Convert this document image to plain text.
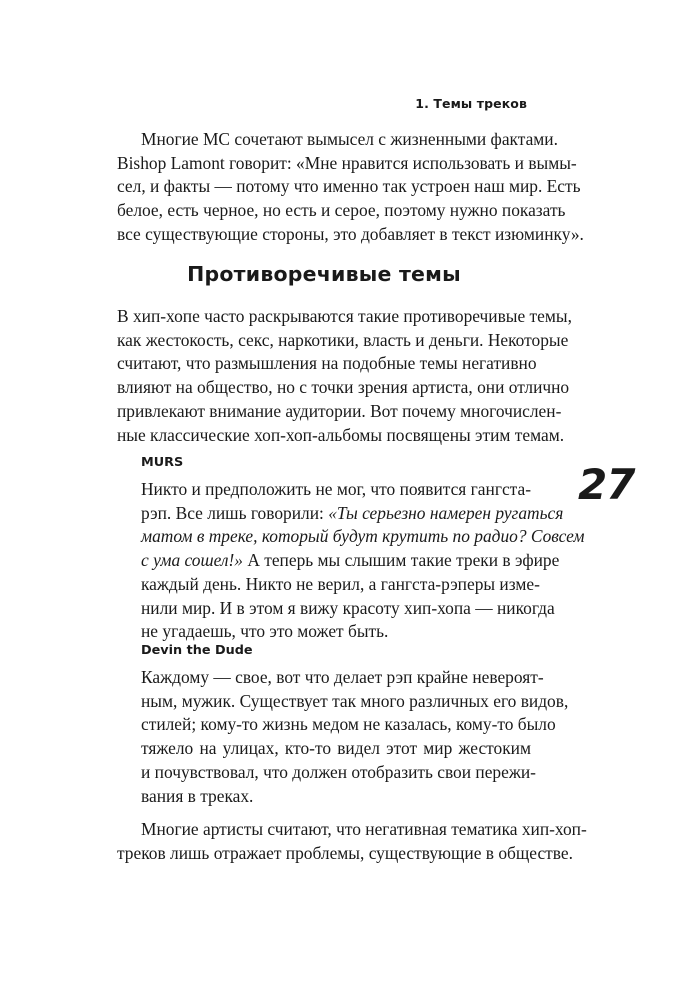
1. Темы треков
Многие MC сочетают вымысел с жизненными фактами.
Bishop Lamont говорит: «Мне нравится использовать и вымы-
сел, и факты — потому что именно так устроен наш мир. Есть
белое, есть черное, но есть и серое, поэтому нужно показать
все существующие стороны, это добавляет в текст изюминку».
Противоречивые темы
В хип-хопе часто раскрываются такие противоречивые темы,
как жестокость, секс, наркотики, власть и деньги. Некоторые
считают, что размышления на подобные темы негативно
влияют на общество, но с точки зрения артиста, они отлично
привлекают внимание аудитории. Вот почему многочислен-
ные классические хоп-хоп-альбомы посвящены этим темам.
MURS
Никто и предположить не мог, что появится гангста-
рэп. Все лишь говорили: «Ты серьезно намерен ругаться
матом в треке, который будут крутить по радио? Совсем
с ума сошел!» А теперь мы слышим такие треки в эфире
каждый день. Никто не верил, а гангста-рэперы изме-
нили мир. И в этом я вижу красоту хип-хопа — никогда
не угадаешь, что это может быть.
Devin the Dude
Каждому — свое, вот что делает рэп крайне невероят-
ным, мужик. Существует так много различных его видов,
стилей; кому-то жизнь медом не казалась, кому-то было
тяжело на улицах, кто-то видел этот мир жестоким
и почувствовал, что должен отобразить свои пережи-
вания в треках.
Многие артисты считают, что негативная тематика хип-хоп-
треков лишь отражает проблемы, существующие в обществе.
27
